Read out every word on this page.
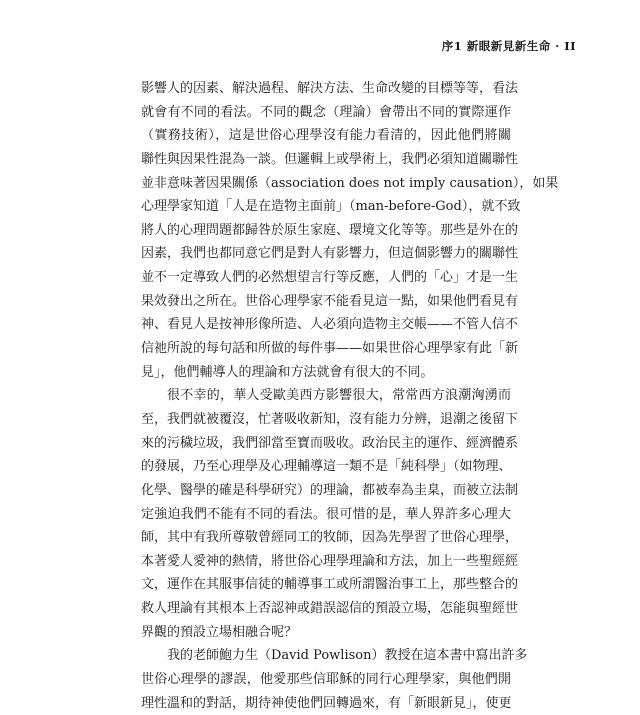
序1 新眼新見新生命 · II
影響人的因素、解決過程、解決方法、生命改變的目標等等，看法
就會有不同的看法。不同的觀念（理論）會帶出不同的實際運作
（實務技術），這是世俗心理學沒有能力看清的，因此他們將關
聯性與因果性混為一談。但邏輯上或學術上，我們必須知道關聯性
並非意味著因果關係（association does not imply causation），如果
心理學家知道「人是在造物主面前」（man-before-God），就不致
將人的心理問題都歸咎於原生家庭、環境文化等等。那些是外在的
因素，我們也都同意它們是對人有影響力，但這個影響力的關聯性
並不一定導致人們的必然想望言行等反應，人們的「心」才是一生
果效發出之所在。世俗心理學家不能看見這一點，如果他們看見有
神、看見人是按神形像所造、人必須向造物主交帳——不管人信不
信祂所說的每句話和所做的每件事——如果世俗心理學家有此「新
見」，他們輔導人的理論和方法就會有很大的不同。
很不幸的，華人受歐美西方影響很大，常常西方浪潮洶湧而
至，我們就被覆沒，忙著吸收新知，沒有能力分辨，退潮之後留下
來的污穢垃圾，我們卻當至寶而吸收。政治民主的運作、經濟體系
的發展，乃至心理學及心理輔導這一類不是「純科學」（如物理、
化學、醫學的確是科學研究）的理論，都被奉為圭臬，而被立法制
定強迫我們不能有不同的看法。很可惜的是，華人界許多心理大
師，其中有我所尊敬曾經同工的牧師，因為先學習了世俗心理學，
本著愛人愛神的熱情，將世俗心理學理論和方法，加上一些聖經經
文，運作在其服事信徒的輔導事工或所謂醫治事工上，那些整合的
救人理論有其根本上否認神或錯誤認信的預設立場，怎能與聖經世
界觀的預設立場相融合呢？
我的老師鮑力生（David Powlison）教授在這本書中寫出許多
世俗心理學的謬誤，他愛那些信耶穌的同行心理學家，與他們開
理性溫和的對話，期待神使他們回轉過來，有「新眼新見」，使更
